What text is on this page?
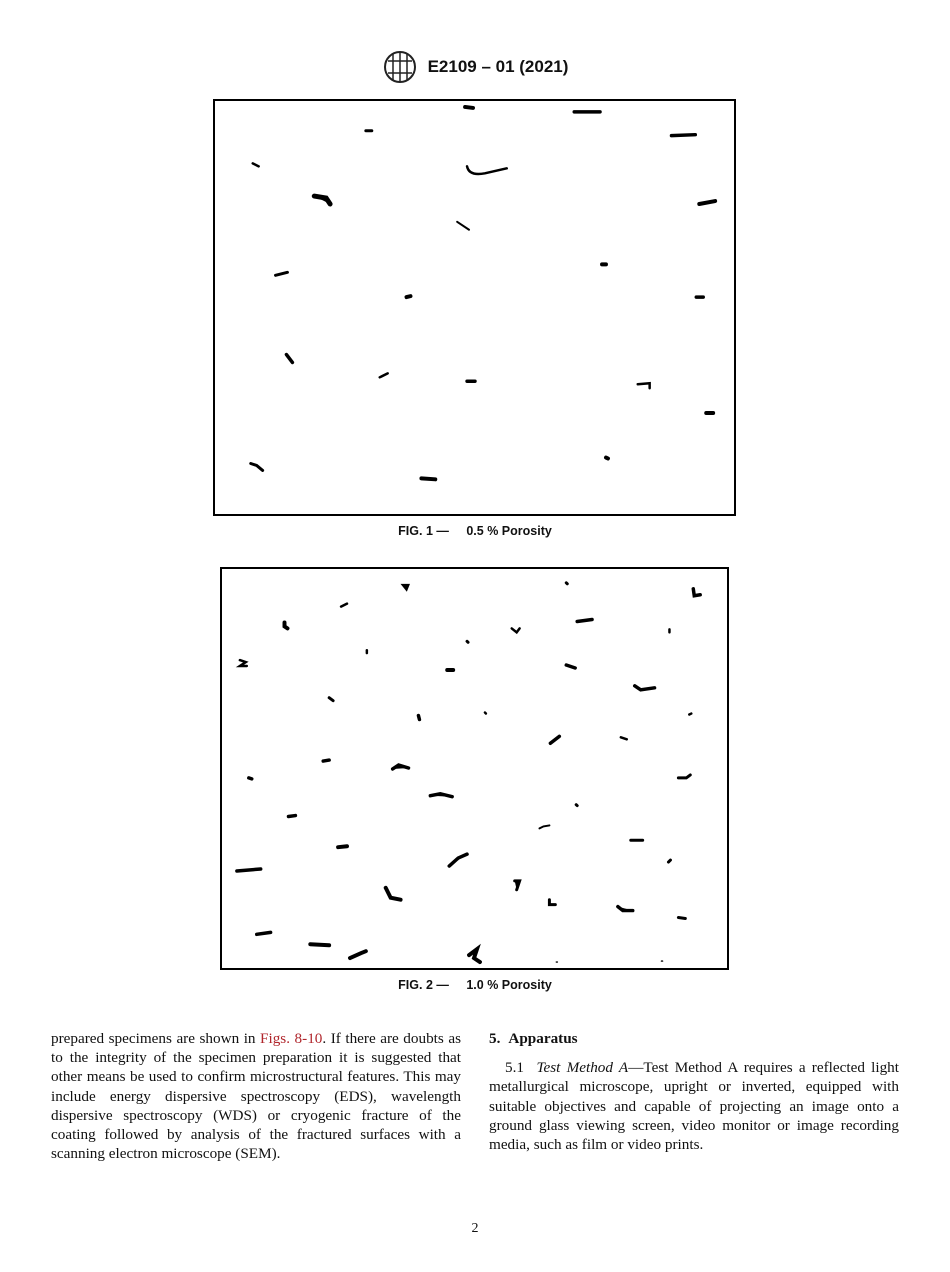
E2109 – 01 (2021)
FIG. 1 — 0.5 % Porosity
FIG. 2 — 1.0 % Porosity
prepared specimens are shown in Figs. 8-10. If there are doubts as to the integrity of the specimen preparation it is suggested that other means be used to confirm microstructural features. This may include energy dispersive spectroscopy (EDS), wavelength dispersive spectroscopy (WDS) or cryogenic fracture of the coating followed by analysis of the fractured surfaces with a scanning electron microscope (SEM).
5. Apparatus
5.1 Test Method A—Test Method A requires a reflected light metallurgical microscope, upright or inverted, equipped with suitable objectives and capable of projecting an image onto a ground glass viewing screen, video monitor or image recording media, such as film or video prints.
2
